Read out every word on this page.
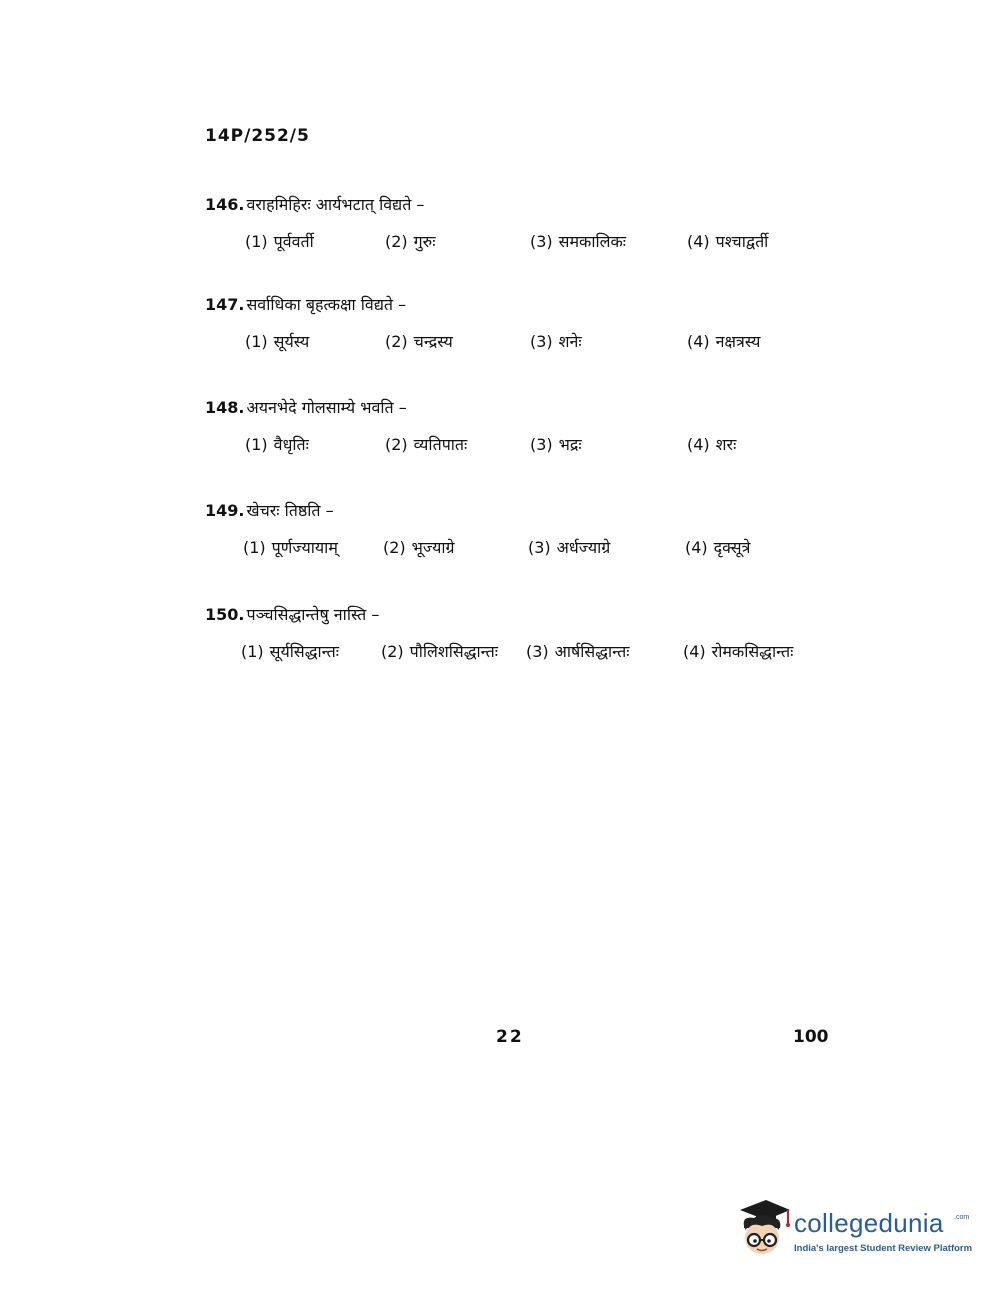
14P/252/5
146. वराहमिहिरः आर्यभटात् विद्यते –
(1) पूर्ववर्ती	(2) गुरुः	(3) समकालिकः	(4) पश्चाद्वर्ती
147. सर्वाधिका बृहत्कक्षा विद्यते –
(1) सूर्यस्य	(2) चन्द्रस्य	(3) शनेः	(4) नक्षत्रस्य
148. अयनभेदे गोलसाम्ये भवति –
(1) वैधृतिः	(2) व्यतिपातः	(3) भद्रः	(4) शरः
149. खेचरः तिष्ठति –
(1) पूर्णज्यायाम्	(2) भूज्याग्रे	(3) अर्धज्याग्रे	(4) दृक्सूत्रे
150. पञ्चसिद्धान्तेषु नास्ति –
(1) सूर्यसिद्धान्तः	(2) पौलिशसिद्धान्तः (3) आर्षसिद्धान्तः	(4) रोमकसिद्धान्तः
22	100
collegedunia .com
India's largest Student Review Platform
